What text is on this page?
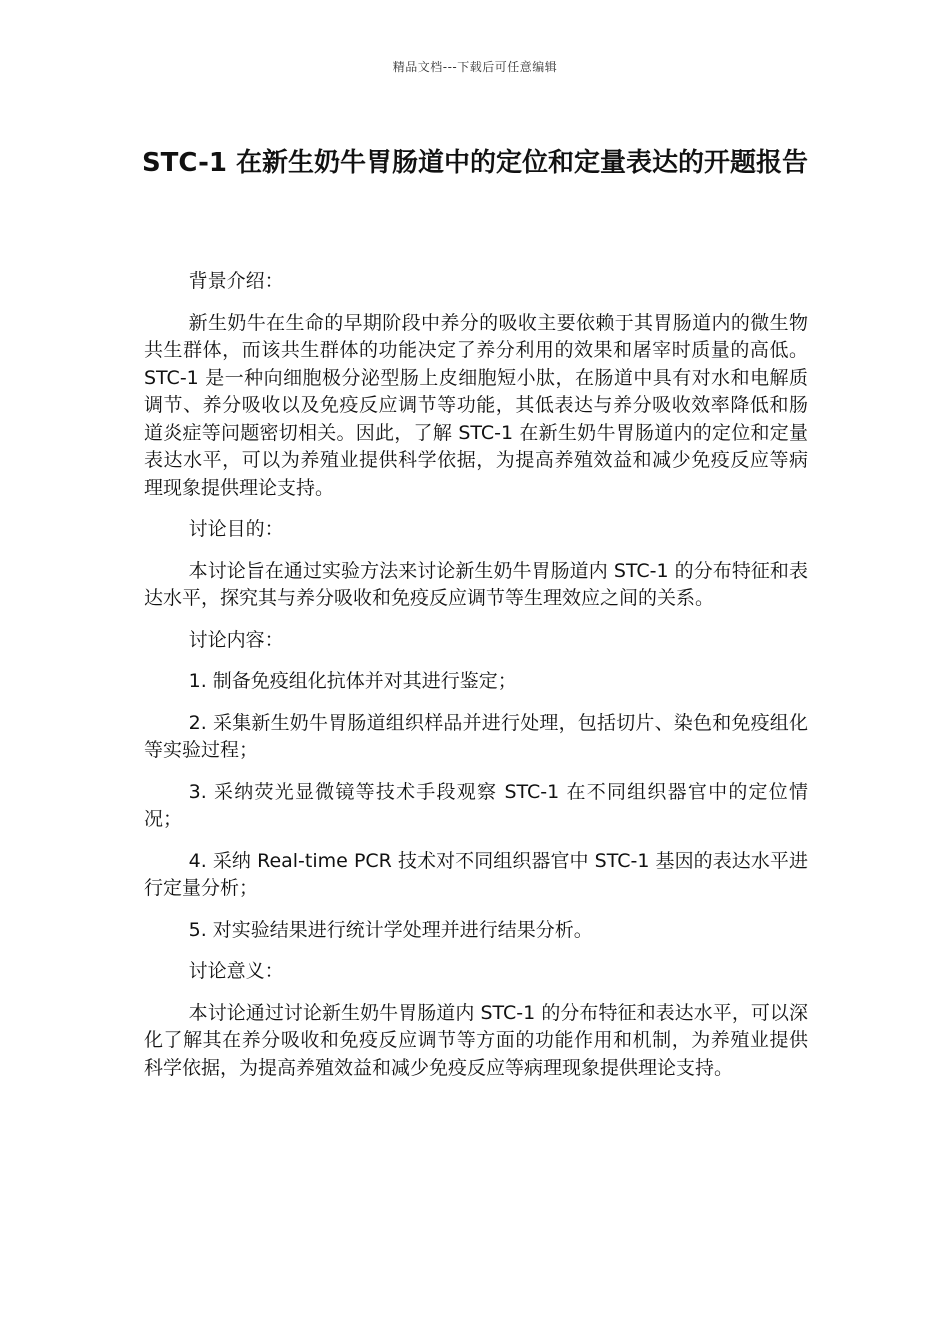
精品文档---下载后可任意编辑
STC-1 在新生奶牛胃肠道中的定位和定量表达的开题报告

背景介绍：

新生奶牛在生命的早期阶段中养分的吸收主要依赖于其胃肠道内的微生物共生群体，而该共生群体的功能决定了养分利用的效果和屠宰时质量的高低。STC-1 是一种向细胞极分泌型肠上皮细胞短小肽，在肠道中具有对水和电解质调节、养分吸收以及免疫反应调节等功能，其低表达与养分吸收效率降低和肠道炎症等问题密切相关。因此，了解 STC-1 在新生奶牛胃肠道内的定位和定量表达水平，可以为养殖业提供科学依据，为提高养殖效益和减少免疫反应等病理现象提供理论支持。

讨论目的：

本讨论旨在通过实验方法来讨论新生奶牛胃肠道内 STC-1 的分布特征和表达水平，探究其与养分吸收和免疫反应调节等生理效应之间的关系。

讨论内容：

1. 制备免疫组化抗体并对其进行鉴定；

2. 采集新生奶牛胃肠道组织样品并进行处理，包括切片、染色和免疫组化等实验过程；

3. 采纳荧光显微镜等技术手段观察 STC-1 在不同组织器官中的定位情况；

4. 采纳 Real-time PCR 技术对不同组织器官中 STC-1 基因的表达水平进行定量分析；

5. 对实验结果进行统计学处理并进行结果分析。

讨论意义：

本讨论通过讨论新生奶牛胃肠道内 STC-1 的分布特征和表达水平，可以深化了解其在养分吸收和免疫反应调节等方面的功能作用和机制，为养殖业提供科学依据，为提高养殖效益和减少免疫反应等病理现象提供理论支持。
